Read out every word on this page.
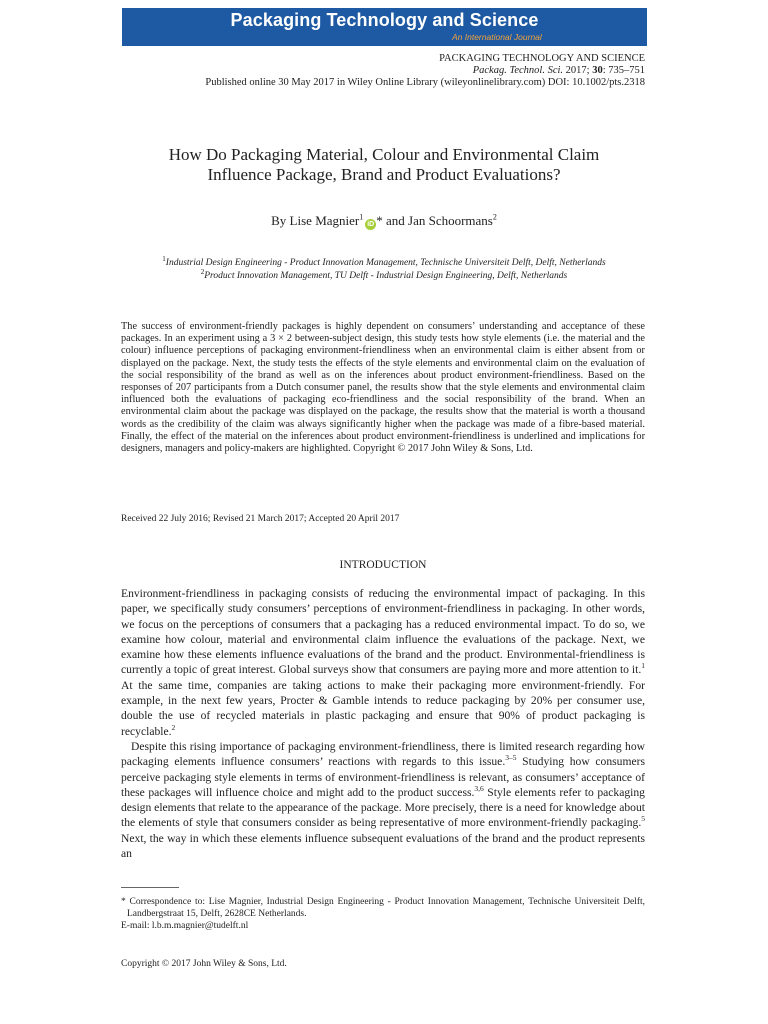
Packaging Technology and Science
An International Journal
PACKAGING TECHNOLOGY AND SCIENCE
Packag. Technol. Sci. 2017; 30: 735–751
Published online 30 May 2017 in Wiley Online Library (wileyonlinelibrary.com) DOI: 10.1002/pts.2318
How Do Packaging Material, Colour and Environmental Claim
Influence Package, Brand and Product Evaluations?
By Lise Magnier$^1$iD * and Jan Schoormans$^2$
$^1$Industrial Design Engineering - Product Innovation Management, Technische Universiteit Delft, Delft, Netherlands
$^2$Product Innovation Management, TU Delft - Industrial Design Engineering, Delft, Netherlands

The success of environment-friendly packages is highly dependent on consumers’ understanding and acceptance of these packages. In an experiment using a 3 × 2 between-subject design, this study tests how style elements (i.e. the material and the colour) influence perceptions of packaging environment-friendliness when an environmental claim is either absent from or displayed on the package. Next, the study tests the effects of the style elements and environmental claim on the evaluation of the social responsibility of the brand as well as on the inferences about product environment-friendliness. Based on the responses of 207 participants from a Dutch consumer panel, the results show that the style elements and environmental claim influenced both the evaluations of packaging eco-friendliness and the social responsibility of the brand. When an environmental claim about the package was displayed on the package, the results show that the material is worth a thousand words as the credibility of the claim was always significantly higher when the package was made of a fibre-based material. Finally, the effect of the material on the inferences about product environment-friendliness is underlined and implications for designers, managers and policy-makers are highlighted. Copyright © 2017 John Wiley & Sons, Ltd.

Received 22 July 2016; Revised 21 March 2017; Accepted 20 April 2017
INTRODUCTION

Environment-friendliness in packaging consists of reducing the environmental impact of packaging. In this paper, we specifically study consumers’ perceptions of environment-friendliness in packaging. In other words, we focus on the perceptions of consumers that a packaging has a reduced environmental impact. To do so, we examine how colour, material and environmental claim influence the evaluations of the package. Next, we examine how these elements influence evaluations of the brand and the product. Environmental-friendliness is currently a topic of great interest. Global surveys show that consumers are paying more and more attention to it.$^1$ At the same time, companies are taking actions to make their packaging more environment-friendly. For example, in the next few years, Procter & Gamble intends to reduce packaging by 20% per consumer use, double the use of recycled materials in plastic packaging and ensure that 90% of product packaging is recyclable.$^2$

Despite this rising importance of packaging environment-friendliness, there is limited research regarding how packaging elements influence consumers’ reactions with regards to this issue.$^{3-5}$ Studying how consumers perceive packaging style elements in terms of environment-friendliness is relevant, as consumers’ acceptance of these packages will influence choice and might add to the product success.$^{3,6}$ Style elements refer to packaging design elements that relate to the appearance of the package. More precisely, there is a need for knowledge about the elements of style that consumers consider as being representative of more environment-friendly packaging.$^5$ Next, the way in which these elements influence subsequent evaluations of the brand and the product represents an

* Correspondence to: Lise Magnier, Industrial Design Engineering - Product Innovation Management, Technische Universiteit Delft, Landbergstraat 15, Delft, 2628CE Netherlands.
E-mail: l.b.m.magnier@tudelft.nl
Copyright © 2017 John Wiley & Sons, Ltd.
